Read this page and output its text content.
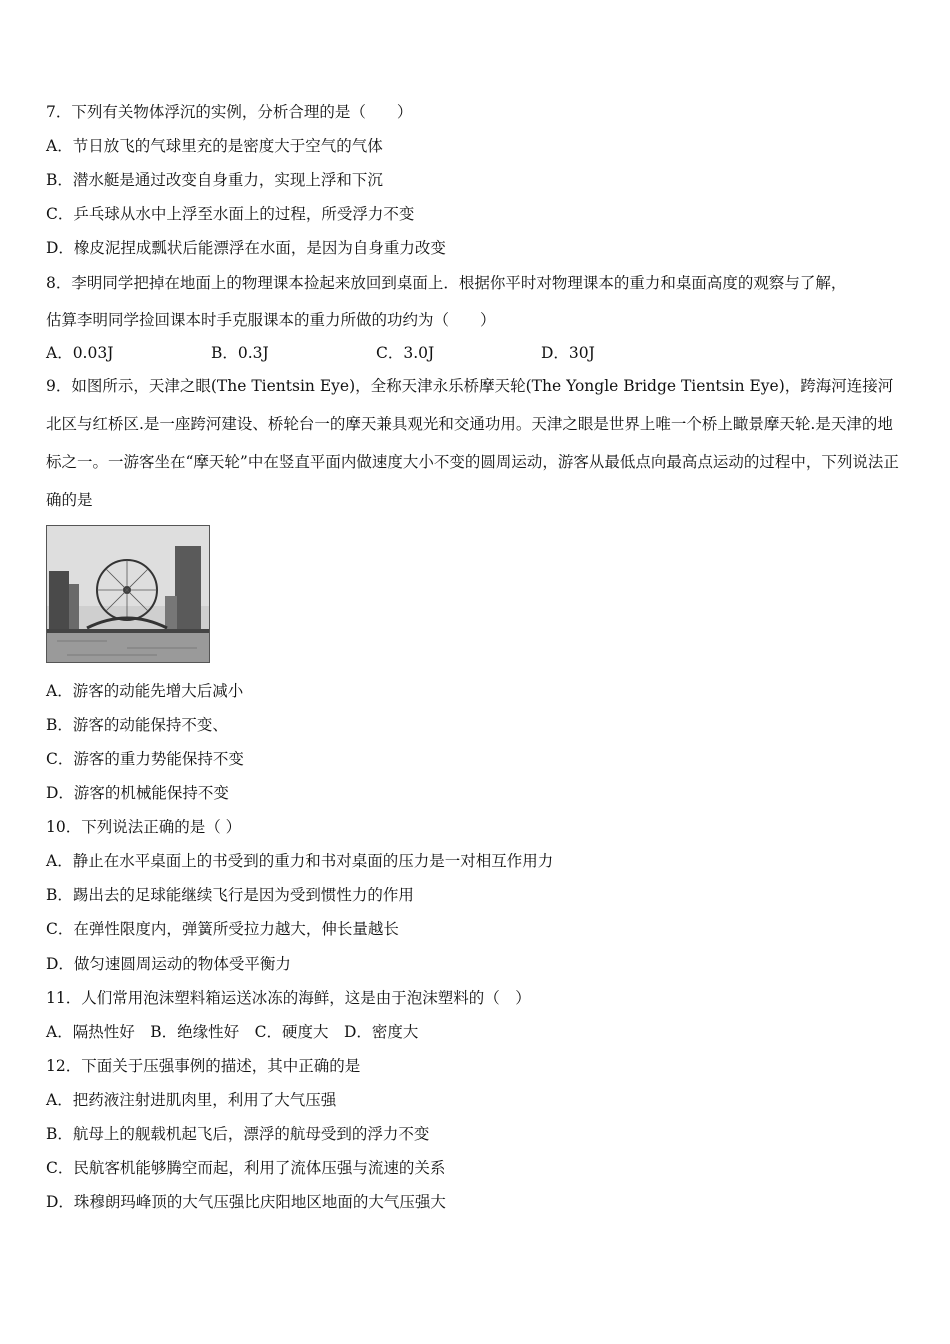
7．下列有关物体浮沉的实例，分析合理的是（　　）
A．节日放飞的气球里充的是密度大于空气的气体
B．潜水艇是通过改变自身重力，实现上浮和下沉
C．乒乓球从水中上浮至水面上的过程，所受浮力不变
D．橡皮泥捏成瓢状后能漂浮在水面，是因为自身重力改变
8．李明同学把掉在地面上的物理课本捡起来放回到桌面上．根据你平时对物理课本的重力和桌面高度的观察与了解，
估算李明同学捡回课本时手克服课本的重力所做的功约为（　　）
A．0.03J	B．0.3J	C．3.0J	D．30J
9．如图所示，天津之眼(The Tientsin Eye)，全称天津永乐桥摩天轮(The Yongle Bridge Tientsin Eye)，跨海河连接河北区与红桥区.是一座跨河建设、桥轮台一的摩天兼具观光和交通功用。天津之眼是世界上唯一个桥上瞰景摩天轮.是天津的地标之一。一游客坐在“摩天轮”中在竖直平面内做速度大小不变的圆周运动，游客从最低点向最高点运动的过程中，下列说法正确的是
A．游客的动能先增大后减小
B．游客的动能保持不变、
C．游客的重力势能保持不变
D．游客的机械能保持不变
10．下列说法正确的是（ ）
A．静止在水平桌面上的书受到的重力和书对桌面的压力是一对相互作用力
B．踢出去的足球能继续飞行是因为受到惯性力的作用
C．在弹性限度内，弹簧所受拉力越大，伸长量越长
D．做匀速圆周运动的物体受平衡力
11．人们常用泡沫塑料箱运送冰冻的海鲜，这是由于泡沫塑料的（　）
A．隔热性好　B．绝缘性好　C．硬度大　D．密度大
12．下面关于压强事例的描述，其中正确的是
A．把药液注射进肌肉里，利用了大气压强
B．航母上的舰载机起飞后，漂浮的航母受到的浮力不变
C．民航客机能够腾空而起，利用了流体压强与流速的关系
D．珠穆朗玛峰顶的大气压强比庆阳地区地面的大气压强大
